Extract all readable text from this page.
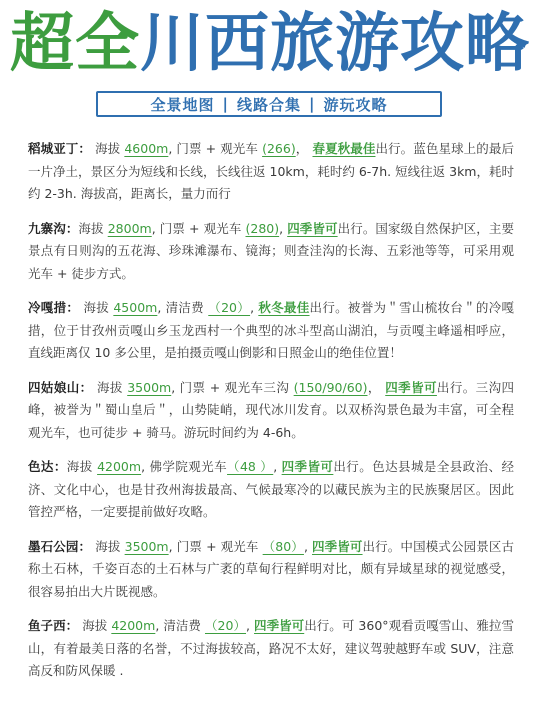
超全川西旅游攻略
全景地图 | 线路合集 | 游玩攻略
稻城亚丁： 海拔 4600m, 门票 + 观光车 (266)， 春夏秋最佳出行。蓝色星球上的最后一片净土，景区分为短线和长线，长线往返 10km，耗时约 6-7h. 短线往返 3km，耗时约 2-3h. 海拔高，距离长，量力而行
九寨沟：海拔 2800m, 门票 + 观光车 (280), 四季皆可出行。国家级自然保护区，主要景点有日则沟的五花海、珍珠滩瀑布、镜海；则查洼沟的长海、五彩池等等，可采用观光车 + 徒步方式。
冷嘎措： 海拔 4500m, 清洁费 （20）, 秋冬最佳出行。被誉为＂雪山梳妆台＂的冷嘎措，位于甘孜州贡嘎山乡玉龙西村一个典型的冰斗型高山湖泊，与贡嘎主峰遥相呼应，直线距离仅 10 多公里，是拍摄贡嘎山倒影和日照金山的绝佳位置！
四姑娘山： 海拔 3500m, 门票 + 观光车三沟 (150/90/60)， 四季皆可出行。三沟四峰，被誉为＂蜀山皇后＂，山势陡峭，现代冰川发育。以双桥沟景色最为丰富，可全程观光车，也可徒步 + 骑马。游玩时间约为 4-6h。
色达：海拔 4200m, 佛学院观光车（48 ）, 四季皆可出行。色达县城是全县政治、经济、文化中心，也是甘孜州海拔最高、气候最寒冷的以藏民族为主的民族聚居区。因此管控严格，一定要提前做好攻略。
墨石公园： 海拔 3500m, 门票 + 观光车 （80）, 四季皆可出行。中国模式公园景区古称土石林，千姿百态的土石林与广袤的草甸行程鲜明对比，颇有异域星球的视觉感受，很容易拍出大片既视感。
鱼子西： 海拔 4200m, 清洁费 （20）, 四季皆可出行。可 360°观看贡嘎雪山、雅拉雪山，有着最美日落的名誉，不过海拔较高，路况不太好，建议驾驶越野车或 SUV，注意高反和防风保暖 .
